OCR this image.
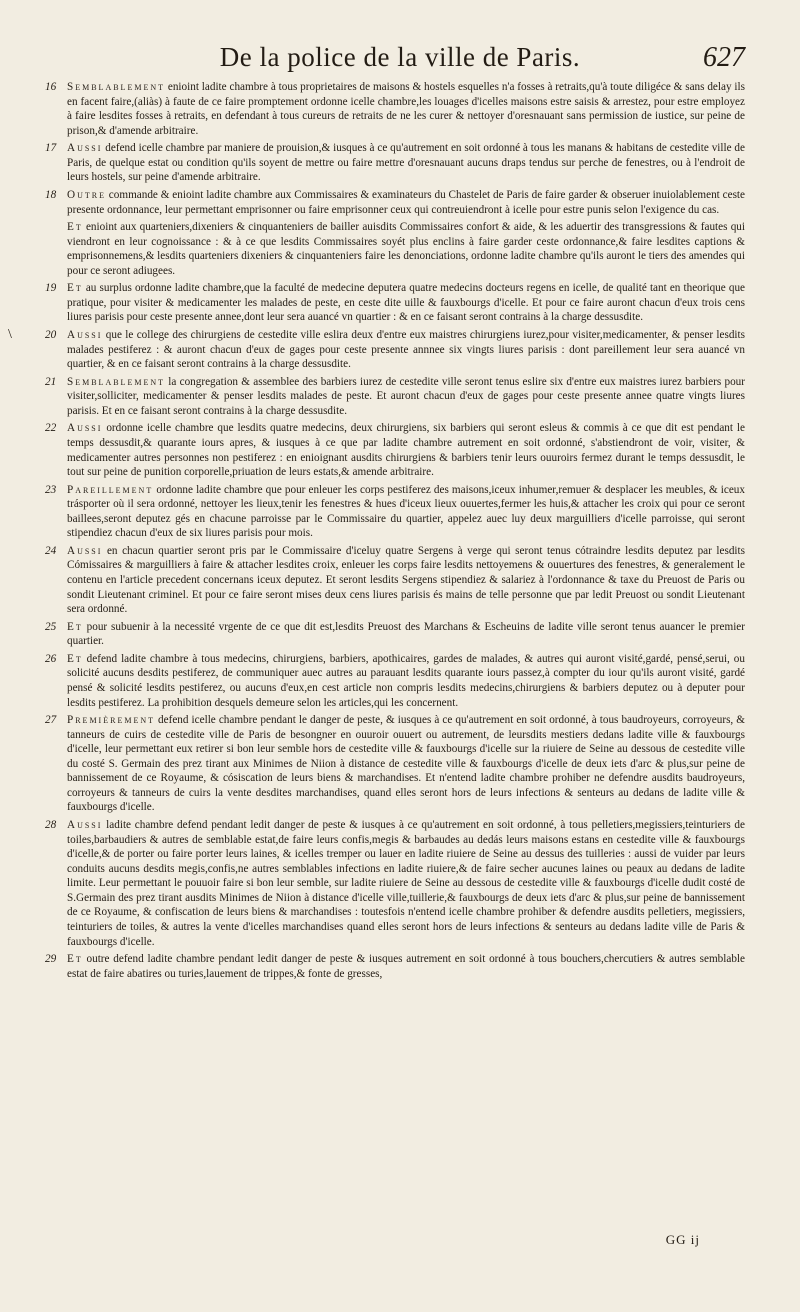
De la police de la ville de Paris.	627
\
16 Semblablement enioint ladite chambre à tous proprietaires de maisons & hostels esquelles n'a fosses à retraits,qu'à toute diligéce & sans delay ils en facent faire,(aliàs) à faute de ce faire promptement ordonne icelle chambre,les louages d'icelles maisons estre saisis & arrestez, pour estre employez à faire lesdites fosses à retraits, en defendant à tous cureurs de retraits de ne les curer & nettoyer d'oresnauant sans permission de iustice, sur peine de prison,& d'amende arbitraire.
17 Aussi defend icelle chambre par maniere de prouision,& iusques à ce qu'autrement en soit ordonné à tous les manans & habitans de cestedite ville de Paris, de quelque estat ou condition qu'ils soyent de mettre ou faire mettre d'oresnauant aucuns draps tendus sur perche de fenestres, ou à l'endroit de leurs hostels, sur peine d'amende arbitraire.
18 Outre commande & enioint ladite chambre aux Commissaires & examinateurs du Chastelet de Paris de faire garder & obseruer inuiolablement ceste presente ordonnance, leur permettant emprisonner ou faire emprisonner ceux qui contreuiendront à icelle pour estre punis selon l'exigence du cas.
Et enioint aux quarteniers,dixeniers & cinquanteniers de bailler auisdits Commissaires confort & aide, & les aduertir des transgressions & fautes qui viendront en leur cognoissance : & à ce que lesdits Commissaires soyét plus enclins à faire garder ceste ordonnance,& faire lesdites captions & emprisonnemens,& lesdits quarteniers dixeniers & cinquanteniers faire les denonciations, ordonne ladite chambre qu'ils auront le tiers des amendes qui pour ce seront adiugees.
19 Et au surplus ordonne ladite chambre,que la faculté de medecine deputera quatre medecins docteurs regens en icelle, de qualité tant en theorique que pratique, pour visiter & medicamenter les malades de peste, en ceste dite uille & fauxbourgs d'icelle. Et pour ce faire auront chacun d'eux trois cens liures parisis pour ceste presente annee,dont leur sera auancé vn quartier : & en ce faisant seront contrains à la charge dessusdite.
20 Aussi que le college des chirurgiens de cestedite ville eslira deux d'entre eux maistres chirurgiens iurez,pour visiter,medicamenter, & penser lesdits malades pestiferez : & auront chacun d'eux de gages pour ceste presente annnee six vingts liures parisis : dont pareillement leur sera auancé vn quartier, & en ce faisant seront contrains à la charge dessusdite.
21 Semblablement la congregation & assemblee des barbiers iurez de cestedite ville seront tenus eslire six d'entre eux maistres iurez barbiers pour visiter,solliciter, medicamenter & penser lesdits malades de peste. Et auront chacun d'eux de gages pour ceste presente annee quatre vingts liures parisis. Et en ce faisant seront contrains à la charge dessusdite.
22 Aussi ordonne icelle chambre que lesdits quatre medecins, deux chirurgiens, six barbiers qui seront esleus & commis à ce que dit est pendant le temps dessusdit,& quarante iours apres, & iusques à ce que par ladite chambre autrement en soit ordonné, s'abstiendront de voir, visiter, & medicamenter autres personnes non pestiferez : en enioignant ausdits chirurgiens & barbiers tenir leurs ouuroirs fermez durant le temps dessusdit, le tout sur peine de punition corporelle,priuation de leurs estats,& amende arbitraire.
23 Pareillement ordonne ladite chambre que pour enleuer les corps pestiferez des maisons,iceux inhumer,remuer & desplacer les meubles, & iceux trásporter où il sera ordonné, nettoyer les lieux,tenir les fenestres & hues d'iceux lieux ouuertes,fermer les huis,& attacher les croix qui pour ce seront baillees,seront deputez gés en chacune parroisse par le Commissaire du quartier, appelez auec luy deux marguilliers d'icelle parroisse, qui seront stipendiez chacun d'eux de six liures parisis pour mois.
24 Aussi en chacun quartier seront pris par le Commissaire d'iceluy quatre Sergens à verge qui seront tenus cótraindre lesdits deputez par lesdits Cómissaires & marguilliers à faire & attacher lesdites croix, enleuer les corps faire lesdits nettoyemens & ouuertures des fenestres, & generalement le contenu en l'article precedent concernans iceux deputez. Et seront lesdits Sergens stipendiez & salariez à l'ordonnance & taxe du Preuost de Paris ou sondit Lieutenant criminel. Et pour ce faire seront mises deux cens liures parisis és mains de telle personne que par ledit Preuost ou sondit Lieutenant sera ordonné.
25 Et pour subuenir à la necessité vrgente de ce que dit est,lesdits Preuost des Marchans & Escheuins de ladite ville seront tenus auancer le premier quartier.
26 Et defend ladite chambre à tous medecins, chirurgiens, barbiers, apothicaires, gardes de malades, & autres qui auront visité,gardé, pensé,serui, ou solicité aucuns desdits pestiferez, de communiquer auec autres au parauant lesdits quarante iours passez,à compter du iour qu'ils auront visité, gardé pensé & solicité lesdits pestiferez, ou aucuns d'eux,en cest article non compris lesdits medecins,chirurgiens & barbiers deputez ou à deputer pour lesdits pestiferez. La prohibition desquels demeure selon les articles,qui les concernent.
27 Premièrement defend icelle chambre pendant le danger de peste, & iusques à ce qu'autrement en soit ordonné, à tous baudroyeurs, corroyeurs, & tanneurs de cuirs de cestedite ville de Paris de besongner en ouuroir ouuert ou autrement, de leursdits mestiers dedans ladite ville & fauxbourgs d'icelle, leur permettant eux retirer si bon leur semble hors de cestedite ville & fauxbourgs d'icelle sur la riuiere de Seine au dessous de cestedite ville du costé S. Germain des prez tirant aux Minimes de Niion à distance de cestedite ville & fauxbourgs d'icelle de deux iets d'arc & plus,sur peine de bannissement de ce Royaume, & cósiscation de leurs biens & marchandises. Et n'entend ladite chambre prohiber ne defendre ausdits baudroyeurs, corroyeurs & tanneurs de cuirs la vente desdites marchandises, quand elles seront hors de leurs infections & senteurs au dedans de ladite ville & fauxbourgs d'icelle.
28 Aussi ladite chambre defend pendant ledit danger de peste & iusques à ce qu'autrement en soit ordonné, à tous pelletiers,megissiers,teinturiers de toiles,barbaudiers & autres de semblable estat,de faire leurs confis,megis & barbaudes au dedás leurs maisons estans en cestedite ville & fauxbourgs d'icelle,& de porter ou faire porter leurs laines, & icelles tremper ou lauer en ladite riuiere de Seine au dessus des tuilleries : aussi de vuider par leurs conduits aucuns desdits megis,confis,ne autres semblables infections en ladite riuiere,& de faire secher aucunes laines ou peaux au dedans de ladite limite. Leur permettant le pouuoir faire si bon leur semble, sur ladite riuiere de Seine au dessous de cestedite ville & fauxbourgs d'icelle dudit costé de S.Germain des prez tirant ausdits Minimes de Niion à distance d'icelle ville,tuillerie,& fauxbourgs de deux iets d'arc & plus,sur peine de bannissement de ce Royaume, & confiscation de leurs biens & marchandises : toutesfois n'entend icelle chambre prohiber & defendre ausdits pelletiers, megissiers, teinturiers de toiles, & autres la vente d'icelles marchandises quand elles seront hors de leurs infections & senteurs au dedans ladite ville de Paris & fauxbourgs d'icelle.
29 Et outre defend ladite chambre pendant ledit danger de peste & iusques autrement en soit ordonné à tous bouchers,chercutiers & autres semblable estat de faire abatires ou turies,lauement de trippes,& fonte de gresses,
GG ij
